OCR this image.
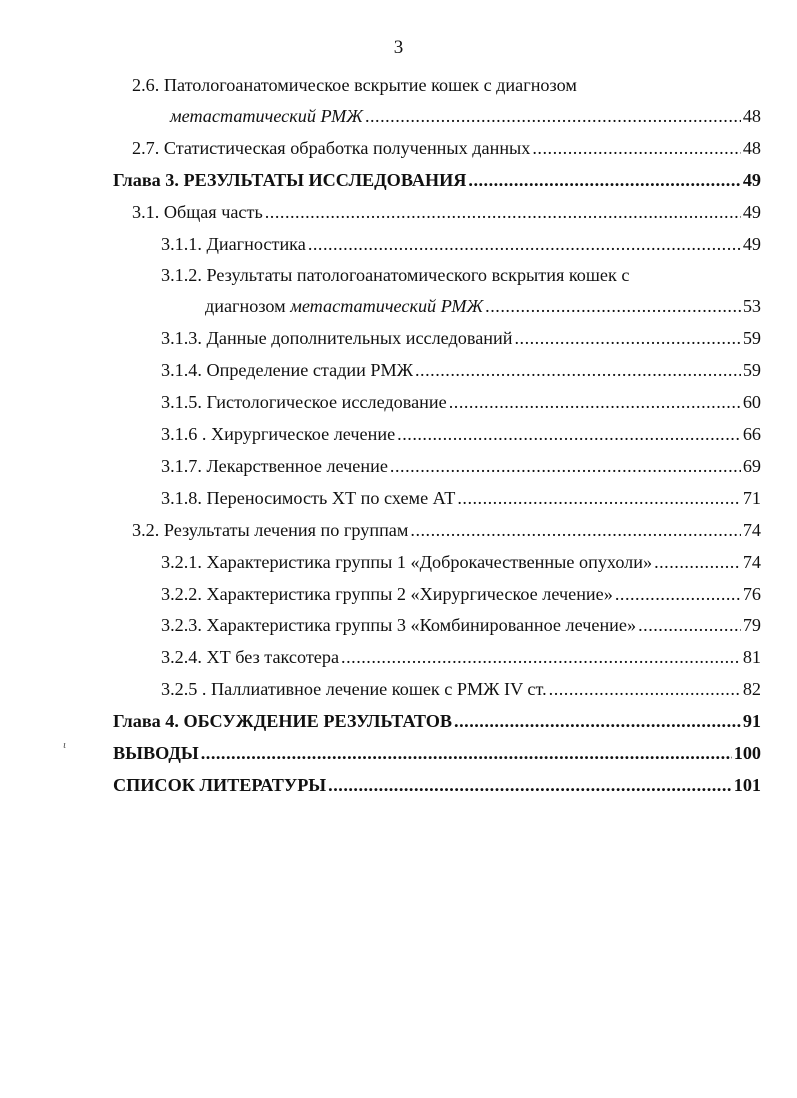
3
ɩ
2.6. Патологоанатомическое вскрытие кошек с диагнозом
метастатический РМЖ .....	48
2.7. Статистическая обработка полученных данных .....	48
Глава 3. РЕЗУЛЬТАТЫ ИССЛЕДОВАНИЯ .....	49
3.1. Общая часть .....	49
3.1.1. Диагностика .....	49
3.1.2. Результаты патологоанатомического вскрытия кошек с
диагнозом метастатический РМЖ .....	53
3.1.3. Данные дополнительных исследований .....	59
3.1.4. Определение стадии РМЖ .....	59
3.1.5. Гистологическое исследование .....	60
3.1.6 . Хирургическое лечение .....	66
3.1.7. Лекарственное лечение .....	69
3.1.8. Переносимость ХТ по схеме АТ .....	71
3.2. Результаты лечения по группам .....	74
3.2.1. Характеристика группы 1 «Доброкачественные опухоли» .....	74
3.2.2. Характеристика группы 2 «Хирургическое лечение» .....	76
3.2.3. Характеристика группы 3 «Комбинированное лечение» .....	79
3.2.4. ХТ без таксотера .....	81
3.2.5 . Паллиативное лечение кошек с РМЖ IV ст. .....	82
Глава 4. ОБСУЖДЕНИЕ РЕЗУЛЬТАТОВ .....	91
ВЫВОДЫ .....	100
СПИСОК ЛИТЕРАТУРЫ .....	101
